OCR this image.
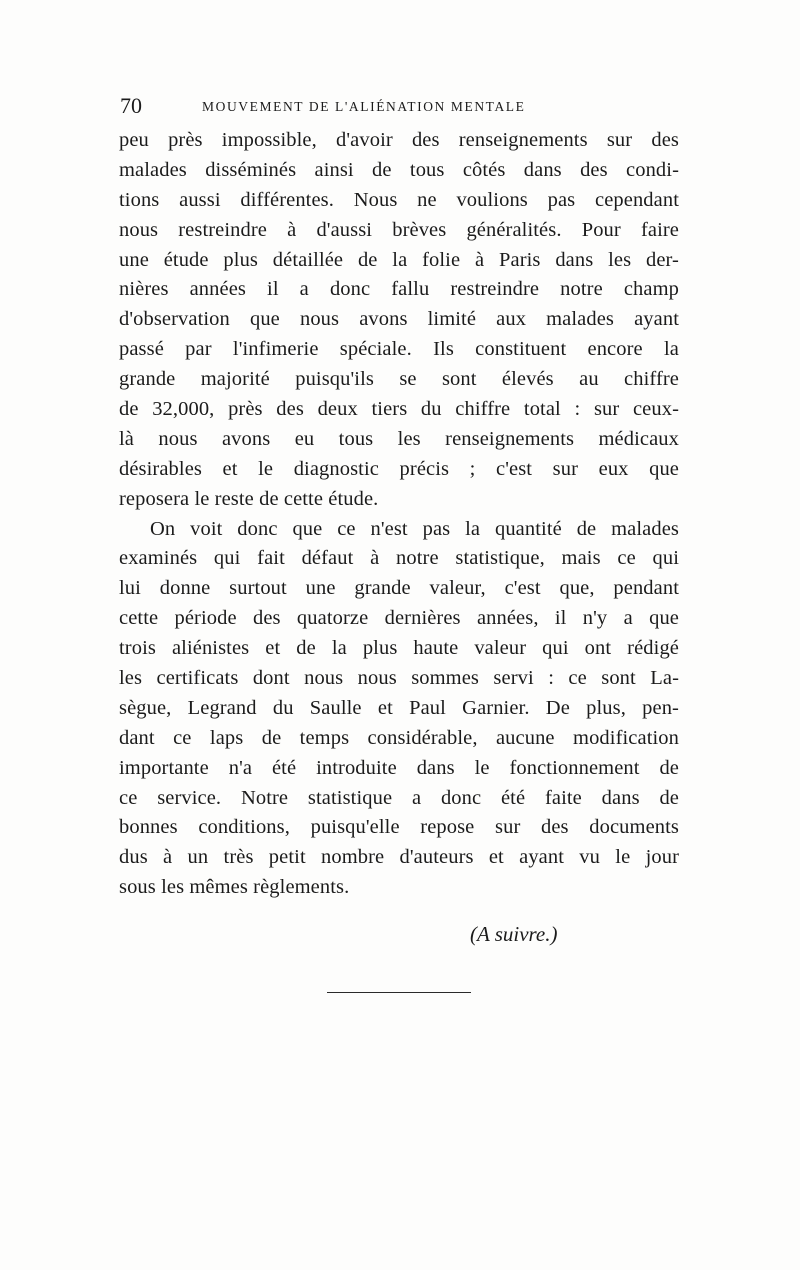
70	MOUVEMENT DE L'ALIÉNATION MENTALE

peu près impossible, d'avoir des renseignements sur des
malades disséminés ainsi de tous côtés dans des condi-
tions aussi différentes. Nous ne voulions pas cependant
nous restreindre à d'aussi brèves généralités. Pour faire
une étude plus détaillée de la folie à Paris dans les der-
nières années il a donc fallu restreindre notre champ
d'observation que nous avons limité aux malades ayant
passé par l'infimerie spéciale. Ils constituent encore la
grande majorité puisqu'ils se sont élevés au chiffre
de 32,000, près des deux tiers du chiffre total : sur ceux-
là nous avons eu tous les renseignements médicaux
désirables et le diagnostic précis ; c'est sur eux que
reposera le reste de cette étude.
On voit donc que ce n'est pas la quantité de malades
examinés qui fait défaut à notre statistique, mais ce qui
lui donne surtout une grande valeur, c'est que, pendant
cette période des quatorze dernières années, il n'y a que
trois aliénistes et de la plus haute valeur qui ont rédigé
les certificats dont nous nous sommes servi : ce sont La-
sègue, Legrand du Saulle et Paul Garnier. De plus, pen-
dant ce laps de temps considérable, aucune modification
importante n'a été introduite dans le fonctionnement de
ce service. Notre statistique a donc été faite dans de
bonnes conditions, puisqu'elle repose sur des documents
dus à un très petit nombre d'auteurs et ayant vu le jour
sous les mêmes règlements.
(A suivre.)
